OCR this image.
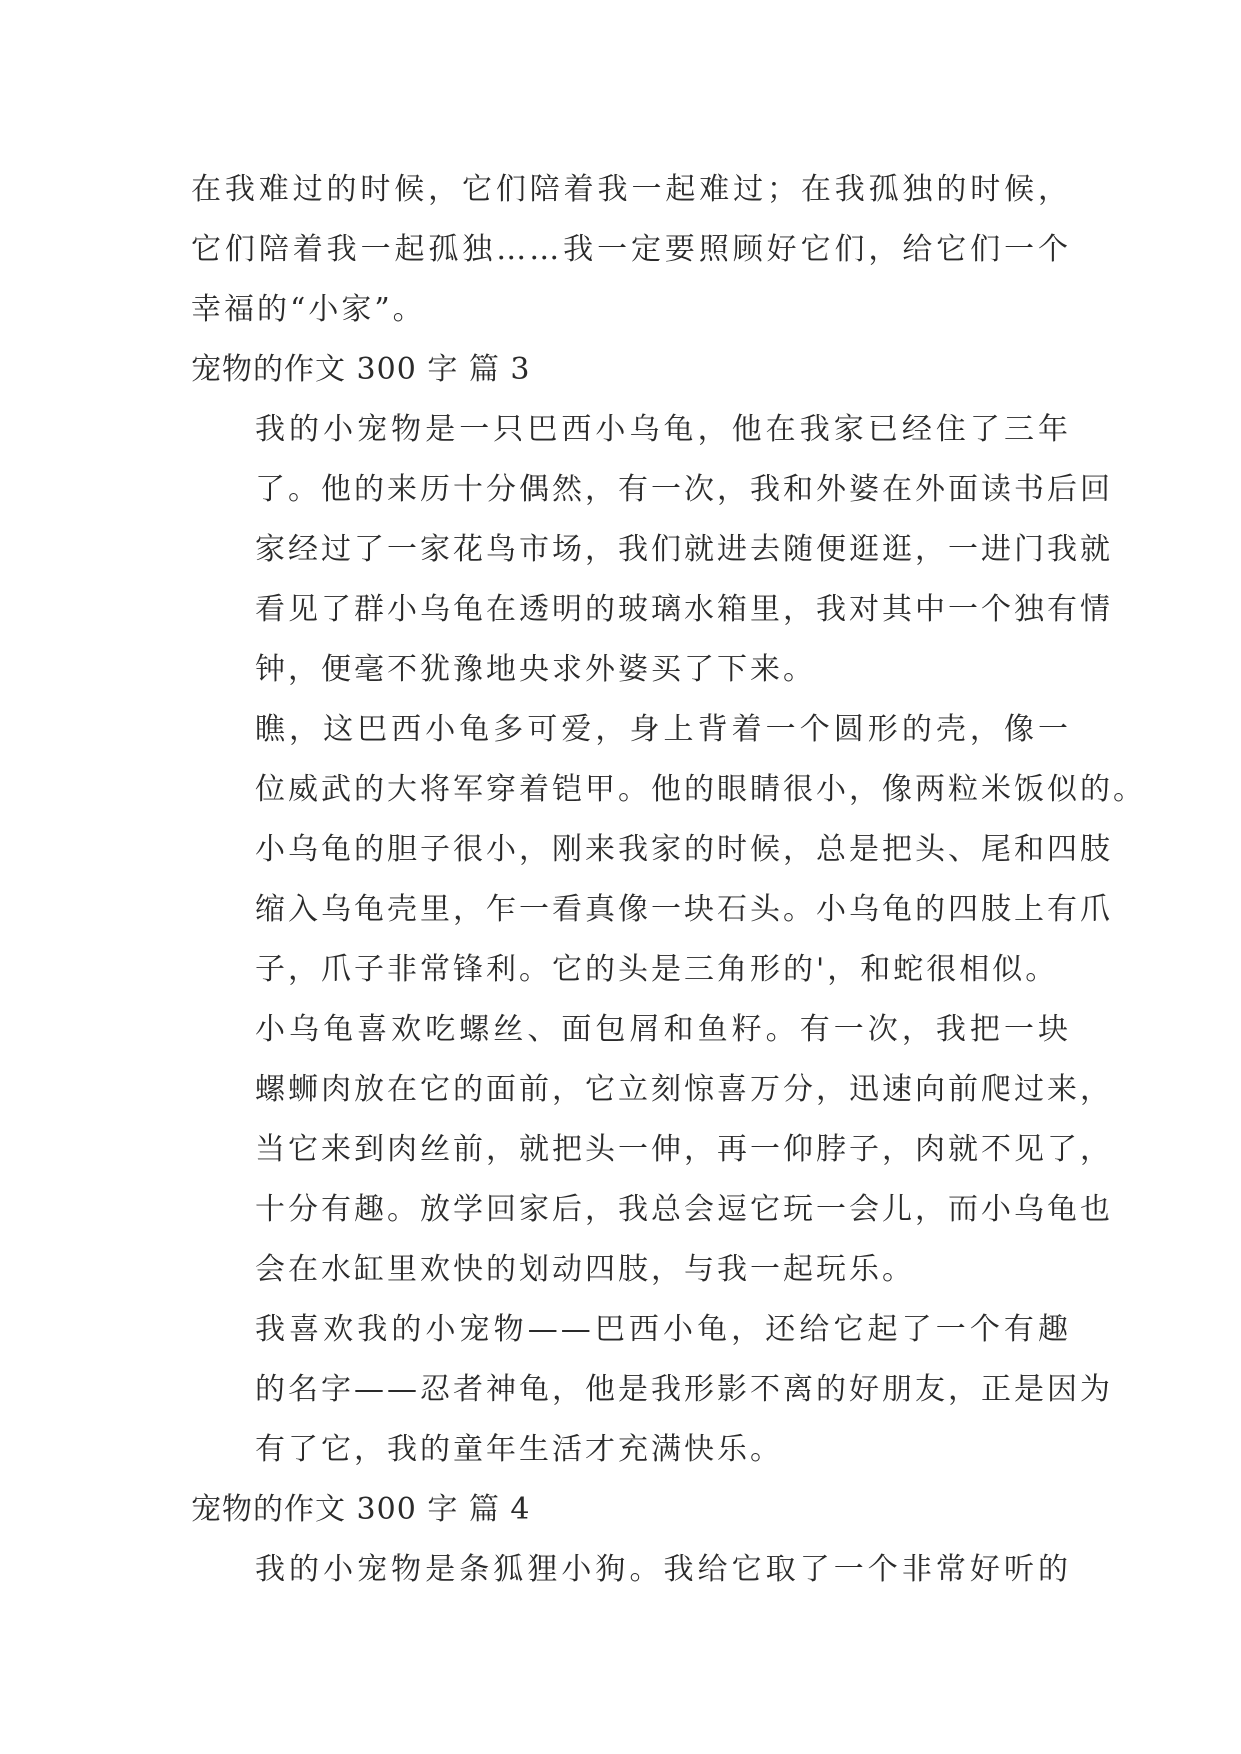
在我难过的时候，它们陪着我一起难过；在我孤独的时候，
它们陪着我一起孤独……我一定要照顾好它们，给它们一个
幸福的“小家”。

宠物的作文 300 字 篇 3

我的小宠物是一只巴西小乌龟，他在我家已经住了三年
了。他的来历十分偶然，有一次，我和外婆在外面读书后回
家经过了一家花鸟市场，我们就进去随便逛逛，一进门我就
看见了群小乌龟在透明的玻璃水箱里，我对其中一个独有情
钟，便毫不犹豫地央求外婆买了下来。

瞧，这巴西小龟多可爱，身上背着一个圆形的壳，像一
位威武的大将军穿着铠甲。他的眼睛很小，像两粒米饭似的。
小乌龟的胆子很小，刚来我家的时候，总是把头、尾和四肢
缩入乌龟壳里，乍一看真像一块石头。小乌龟的四肢上有爪
子，爪子非常锋利。它的头是三角形的'，和蛇很相似。

小乌龟喜欢吃螺丝、面包屑和鱼籽。有一次，我把一块
螺蛳肉放在它的面前，它立刻惊喜万分，迅速向前爬过来，
当它来到肉丝前，就把头一伸，再一仰脖子，肉就不见了，
十分有趣。放学回家后，我总会逗它玩一会儿，而小乌龟也
会在水缸里欢快的划动四肢，与我一起玩乐。

我喜欢我的小宠物——巴西小龟，还给它起了一个有趣
的名字——忍者神龟，他是我形影不离的好朋友，正是因为
有了它，我的童年生活才充满快乐。

宠物的作文 300 字 篇 4

我的小宠物是条狐狸小狗。我给它取了一个非常好听的
